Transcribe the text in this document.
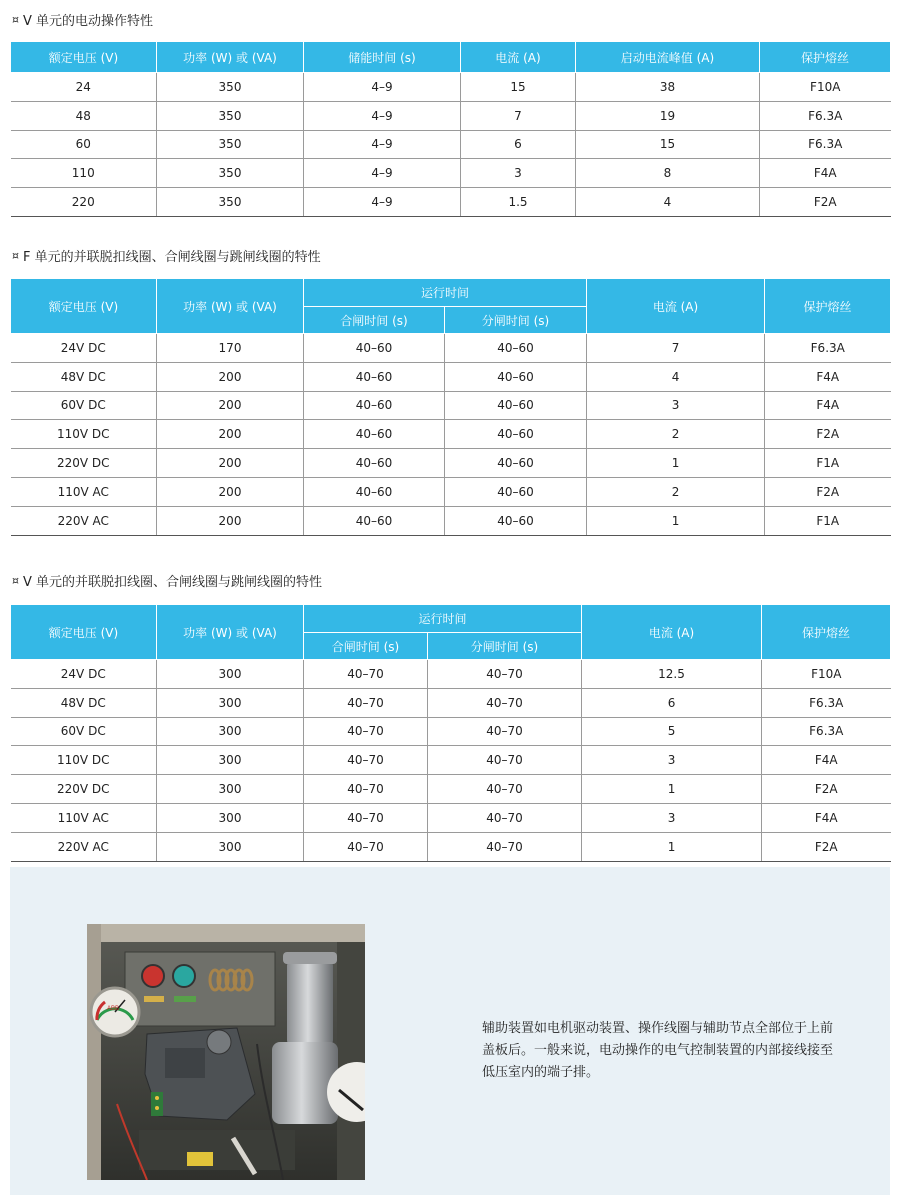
¤ V 单元的电动操作特性
额定电压 (V)	功率 (W) 或 (VA)	储能时间 (s)	电流 (A)	启动电流峰值 (A)	保护熔丝
24	350	4–9	15	38	F10A
48	350	4–9	7	19	F6.3A
60	350	4–9	6	15	F6.3A
110	350	4–9	3	8	F4A
220	350	4–9	1.5	4	F2A
¤ F 单元的并联脱扣线圈、合闸线圈与跳闸线圈的特性
额定电压 (V)	功率 (W) 或 (VA)	运行时间		电流 (A)	保护熔丝
		合闸时间 (s)	分闸时间 (s)		
24V DC	170	40–60	40–60	7	F6.3A
48V DC	200	40–60	40–60	4	F4A
60V DC	200	40–60	40–60	3	F4A
110V DC	200	40–60	40–60	2	F2A
220V DC	200	40–60	40–60	1	F1A
110V AC	200	40–60	40–60	2	F2A
220V AC	200	40–60	40–60	1	F1A
¤ V 单元的并联脱扣线圈、合闸线圈与跳闸线圈的特性
额定电压 (V)	功率 (W) 或 (VA)	运行时间		电流 (A)	保护熔丝
		合闸时间 (s)	分闸时间 (s)		
24V DC	300	40–70	40–70	12.5	F10A
48V DC	300	40–70	40–70	6	F6.3A
60V DC	300	40–70	40–70	5	F6.3A
110V DC	300	40–70	40–70	3	F4A
220V DC	300	40–70	40–70	1	F2A
110V AC	300	40–70	40–70	3	F4A
220V AC	300	40–70	40–70	1	F2A
ABB
辅助装置如电机驱动装置、操作线圈与辅助节点全部位于上前盖板后。一般来说，电动操作的电气控制装置的内部接线接至低压室内的端子排。
